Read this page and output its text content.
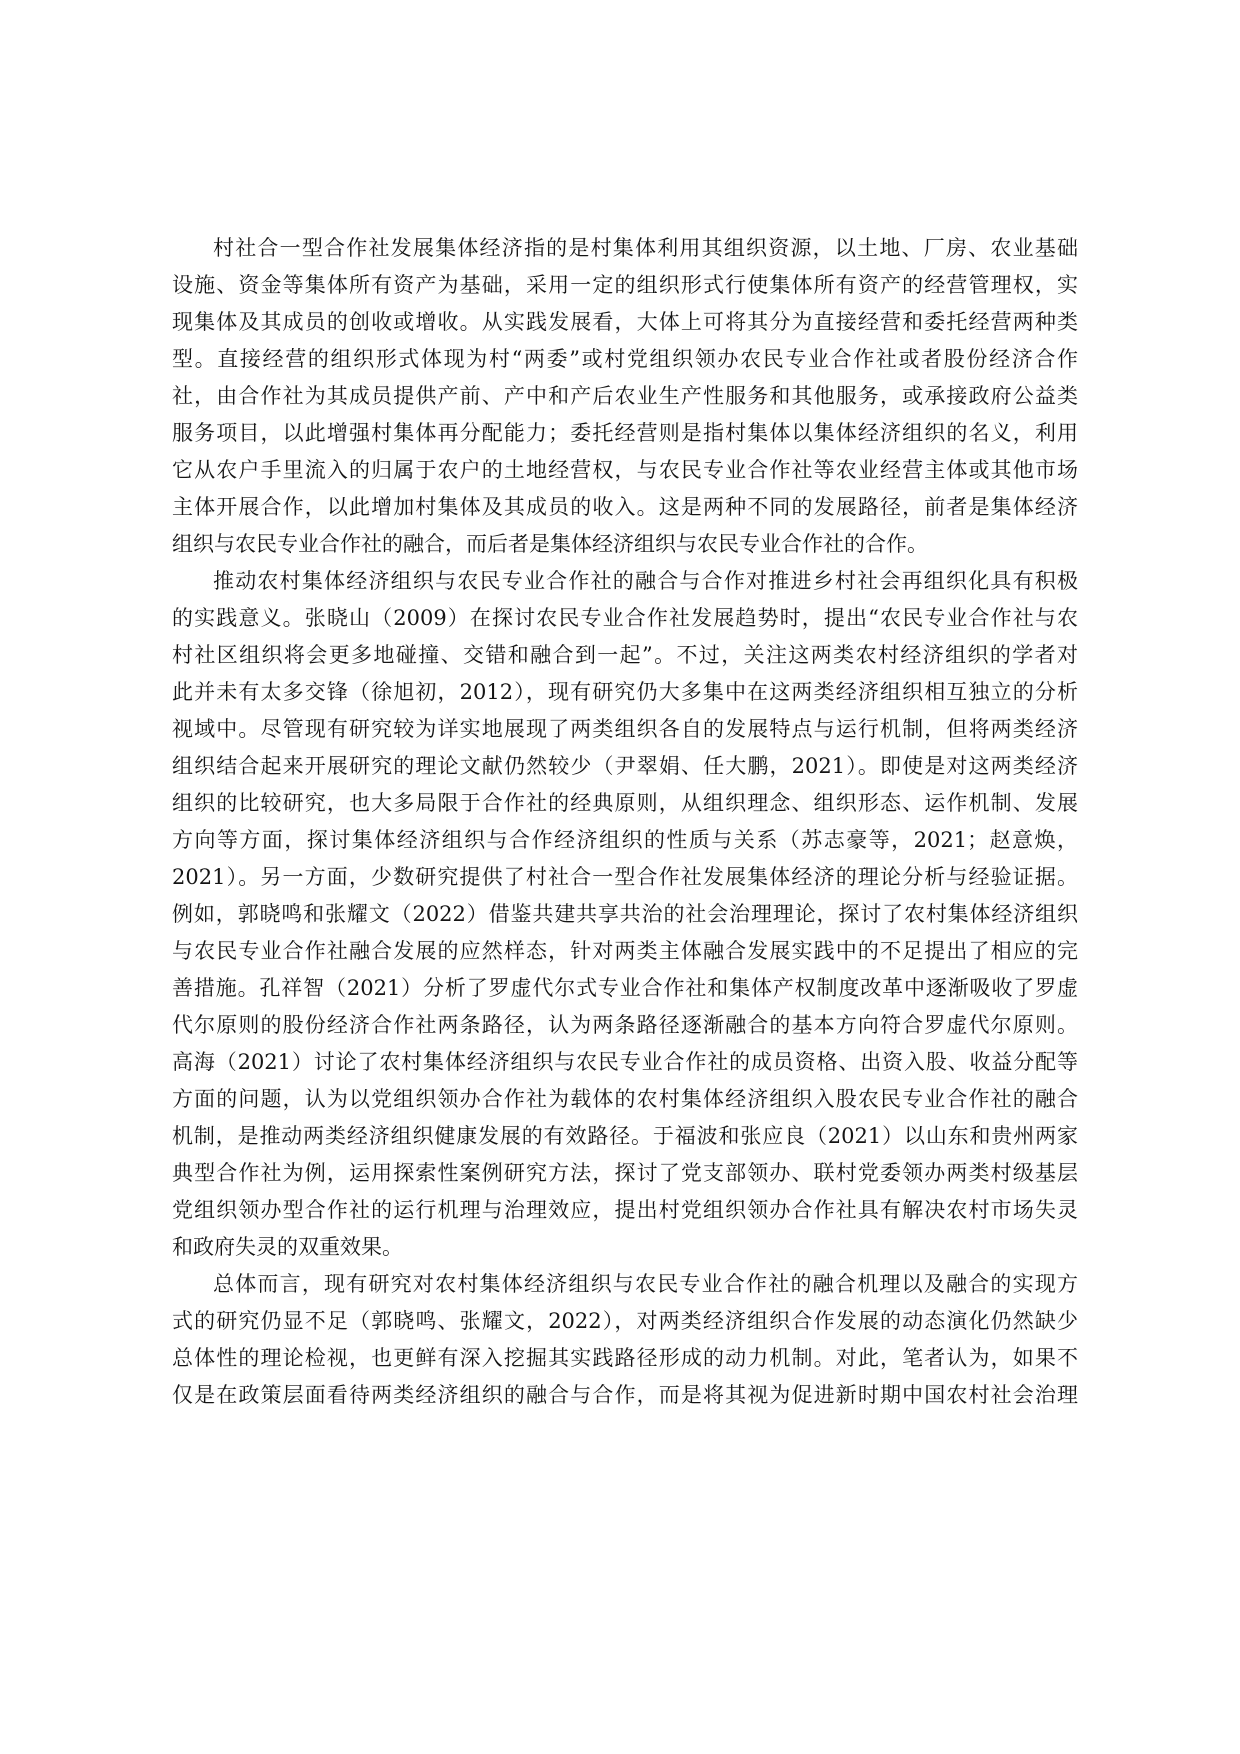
村社合一型合作社发展集体经济指的是村集体利用其组织资源，以土地、厂房、农业基础
设施、资金等集体所有资产为基础，采用一定的组织形式行使集体所有资产的经营管理权，实
现集体及其成员的创收或增收。从实践发展看，大体上可将其分为直接经营和委托经营两种类
型。直接经营的组织形式体现为村“两委”或村党组织领办农民专业合作社或者股份经济合作
社，由合作社为其成员提供产前、产中和产后农业生产性服务和其他服务，或承接政府公益类
服务项目，以此增强村集体再分配能力；委托经营则是指村集体以集体经济组织的名义，利用
它从农户手里流入的归属于农户的土地经营权，与农民专业合作社等农业经营主体或其他市场
主体开展合作，以此增加村集体及其成员的收入。这是两种不同的发展路径，前者是集体经济
组织与农民专业合作社的融合，而后者是集体经济组织与农民专业合作社的合作。
推动农村集体经济组织与农民专业合作社的融合与合作对推进乡村社会再组织化具有积极
的实践意义。张晓山（2009）在探讨农民专业合作社发展趋势时，提出“农民专业合作社与农
村社区组织将会更多地碰撞、交错和融合到一起”。不过，关注这两类农村经济组织的学者对
此并未有太多交锋（徐旭初，2012），现有研究仍大多集中在这两类经济组织相互独立的分析
视域中。尽管现有研究较为详实地展现了两类组织各自的发展特点与运行机制，但将两类经济
组织结合起来开展研究的理论文献仍然较少（尹翠娟、任大鹏，2021）。即使是对这两类经济
组织的比较研究，也大多局限于合作社的经典原则，从组织理念、组织形态、运作机制、发展
方向等方面，探讨集体经济组织与合作经济组织的性质与关系（苏志豪等，2021；赵意焕，
2021）。另一方面，少数研究提供了村社合一型合作社发展集体经济的理论分析与经验证据。
例如，郭晓鸣和张耀文（2022）借鉴共建共享共治的社会治理理论，探讨了农村集体经济组织
与农民专业合作社融合发展的应然样态，针对两类主体融合发展实践中的不足提出了相应的完
善措施。孔祥智（2021）分析了罗虚代尔式专业合作社和集体产权制度改革中逐渐吸收了罗虚
代尔原则的股份经济合作社两条路径，认为两条路径逐渐融合的基本方向符合罗虚代尔原则。
高海（2021）讨论了农村集体经济组织与农民专业合作社的成员资格、出资入股、收益分配等
方面的问题，认为以党组织领办合作社为载体的农村集体经济组织入股农民专业合作社的融合
机制，是推动两类经济组织健康发展的有效路径。于福波和张应良（2021）以山东和贵州两家
典型合作社为例，运用探索性案例研究方法，探讨了党支部领办、联村党委领办两类村级基层
党组织领办型合作社的运行机理与治理效应，提出村党组织领办合作社具有解决农村市场失灵
和政府失灵的双重效果。
总体而言，现有研究对农村集体经济组织与农民专业合作社的融合机理以及融合的实现方
式的研究仍显不足（郭晓鸣、张耀文，2022），对两类经济组织合作发展的动态演化仍然缺少
总体性的理论检视，也更鲜有深入挖掘其实践路径形成的动力机制。对此，笔者认为，如果不
仅是在政策层面看待两类经济组织的融合与合作，而是将其视为促进新时期中国农村社会治理
